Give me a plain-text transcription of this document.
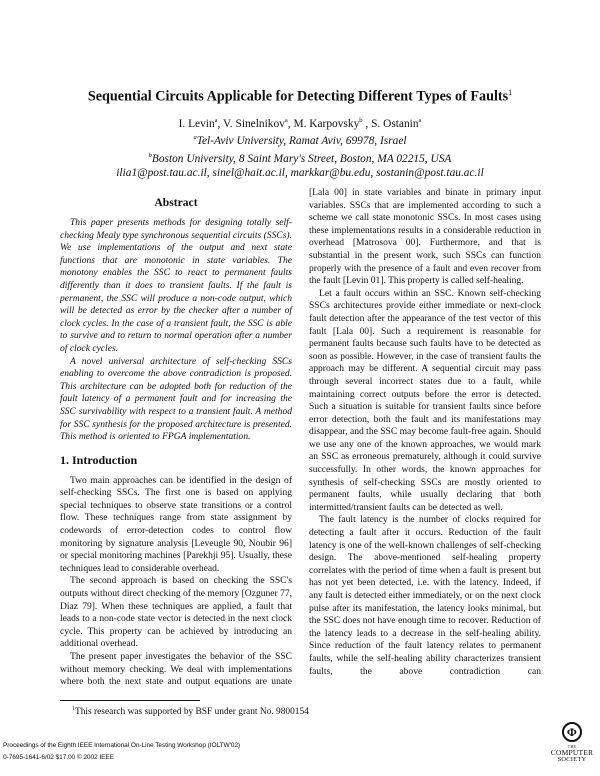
Sequential Circuits Applicable for Detecting Different Types of Faults$^1$
I. Levin$^a$, V. Sinelnikov$^a$, M. Karpovsky$^b$ , S. Ostanin$^a$
$^a$Tel-Aviv University, Ramat Aviv, 69978, Israel
$^b$Boston University, 8 Saint Mary's Street, Boston, MA 02215, USA
ilia1@post.tau.ac.il, sinel@hait.ac.il, markkar@bu.edu, sostanin@post.tau.ac.il
Abstract

This paper presents methods for designing totally self-checking Mealy type synchronous sequential circuits (SSCs). We use implementations of the output and next state functions that are monotonic in state variables. The monotony enables the SSC to react to permanent faults differently than it does to transient faults. If the fault is permanent, the SSC will produce a non-code output, which will be detected as error by the checker after a number of clock cycles. In the case of a transient fault, the SSC is able to survive and to return to normal operation after a number of clock cycles.

A novel universal architecture of self-checking SSCs enabling to overcome the above contradiction is proposed. This architecture can be adopted both for reduction of the fault latency of a permanent fault and for increasing the SSC survivability with respect to a transient fault. A method for SSC synthesis for the proposed architecture is presented. This method is oriented to FPGA implementation.

1. Introduction

Two main approaches can be identified in the design of self-checking SSCs. The first one is based on applying special techniques to observe state transitions or a control flow. These techniques range from state assignment by codewords of error-detection codes to control flow monitoring by signature analysis [Leveugle 90, Noubir 96] or special monitoring machines [Parekhji 95]. Usually, these techniques lead to considerable overhead.

The second approach is based on checking the SSC's outputs without direct checking of the memory [Ozguner 77, Diaz 79]. When these techniques are applied, a fault that leads to a non-code state vector is detected in the next clock cycle. This property can be achieved by introducing an additional overhead.

The present paper investigates the behavior of the SSC without memory checking. We deal with implementations where both the next state and output equations are unate

[Lala 00] in state variables and binate in primary input variables. SSCs that are implemented according to such a scheme we call state monotonic SSCs. In most cases using these implementations results in a considerable reduction in overhead [Matrosova 00]. Furthermore, and that is substantial in the present work, such SSCs can function properly with the presence of a fault and even recover from the fault [Levin 01]. This property is called self-healing.

Let a fault occurs within an SSC. Known self-checking SSCs architectures provide either immediate or next-clock fault detection after the appearance of the test vector of this fault [Lala 00]. Such a requirement is reasonable for permanent faults because such faults have to be detected as soon as possible. However, in the case of transient faults the approach may be different. A sequential circuit may pass through several incorrect states due to a fault, while maintaining correct outputs before the error is detected. Such a situation is suitable for transient faults since before error detection, both the fault and its manifestations may disappear, and the SSC may become fault-free again. Should we use any one of the known approaches, we would mark an SSC as erroneous prematurely, although it could survive successfully. In other words, the known approaches for synthesis of self-checking SSCs are mostly oriented to permanent faults, while usually declaring that both intermitted/transient faults can be detected as well.

The fault latency is the number of clocks required for detecting a fault after it occurs. Reduction of the fault latency is one of the well-known challenges of self-checking design. The above-mentioned self-healing property correlates with the period of time when a fault is present but has not yet been detected, i.e. with the latency. Indeed, if any fault is detected either immediately, or on the next clock pulse after its manifestation, the latency looks minimal, but the SSC does not have enough time to recover. Reduction of the latency leads to a decrease in the self-healing ability. Since reduction of the fault latency relates to permanent faults, while the self-healing ability characterizes transient faults, the above contradiction can

$^1$This research was supported by BSF under grant No. 9800154
Proceedings of the Eighth IEEE International On-Line Testing Workshop (IOLTW'02)
0-7695-1641-6/02 $17.00 © 2002 IEEE
Φ
THE
COMPUTER
SOCIETY
